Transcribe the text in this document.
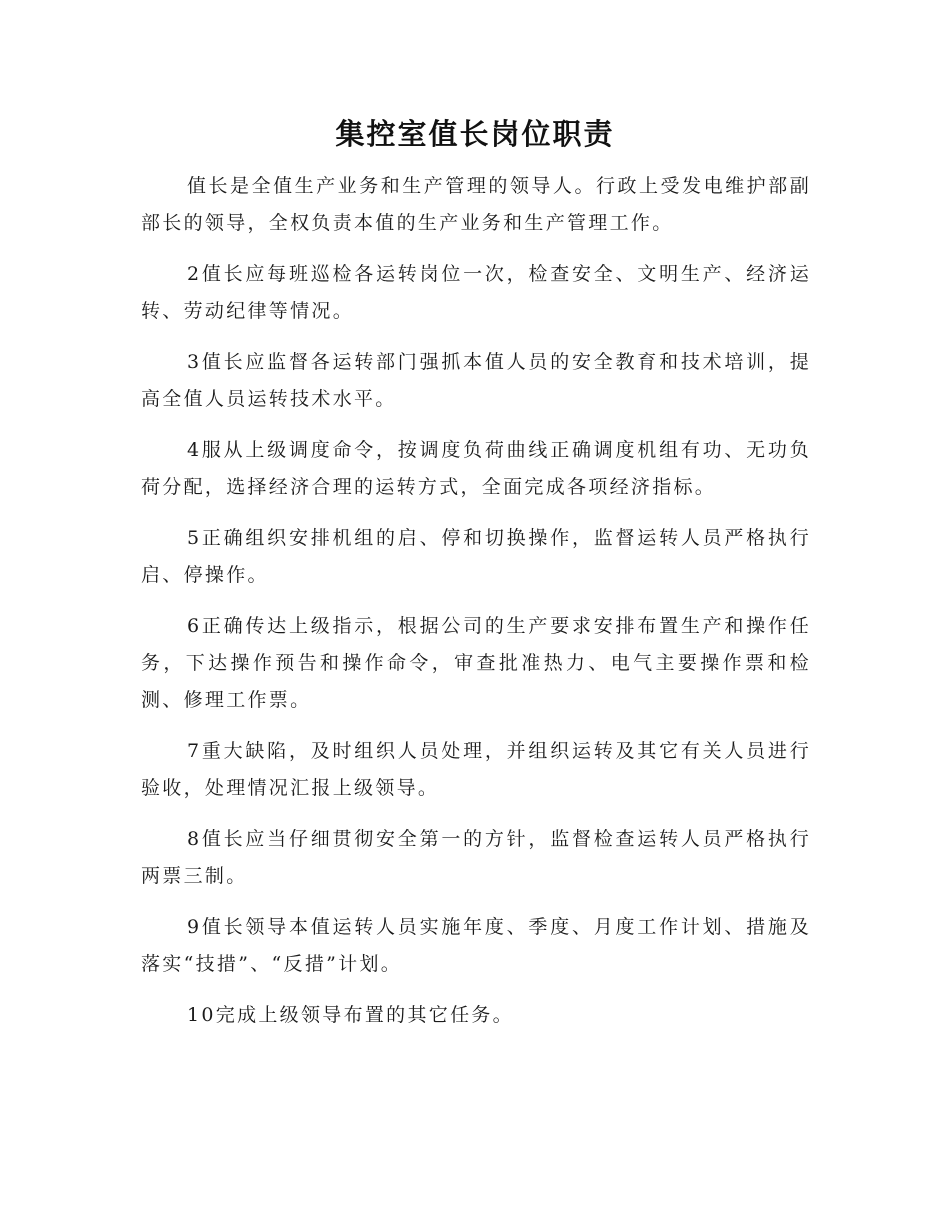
集控室值长岗位职责

值长是全值生产业务和生产管理的领导人。行政上受发电维护部副部长的领导，全权负责本值的生产业务和生产管理工作。

2值长应每班巡检各运转岗位一次，检查安全、文明生产、经济运转、劳动纪律等情况。

3值长应监督各运转部门强抓本值人员的安全教育和技术培训，提高全值人员运转技术水平。

4服从上级调度命令，按调度负荷曲线正确调度机组有功、无功负荷分配，选择经济合理的运转方式，全面完成各项经济指标。

5正确组织安排机组的启、停和切换操作，监督运转人员严格执行启、停操作。

6正确传达上级指示，根据公司的生产要求安排布置生产和操作任务，下达操作预告和操作命令，审查批准热力、电气主要操作票和检测、修理工作票。

7重大缺陷，及时组织人员处理，并组织运转及其它有关人员进行验收，处理情况汇报上级领导。

8值长应当仔细贯彻安全第一的方针，监督检查运转人员严格执行两票三制。

9值长领导本值运转人员实施年度、季度、月度工作计划、措施及落实“技措”、“反措”计划。

10完成上级领导布置的其它任务。
